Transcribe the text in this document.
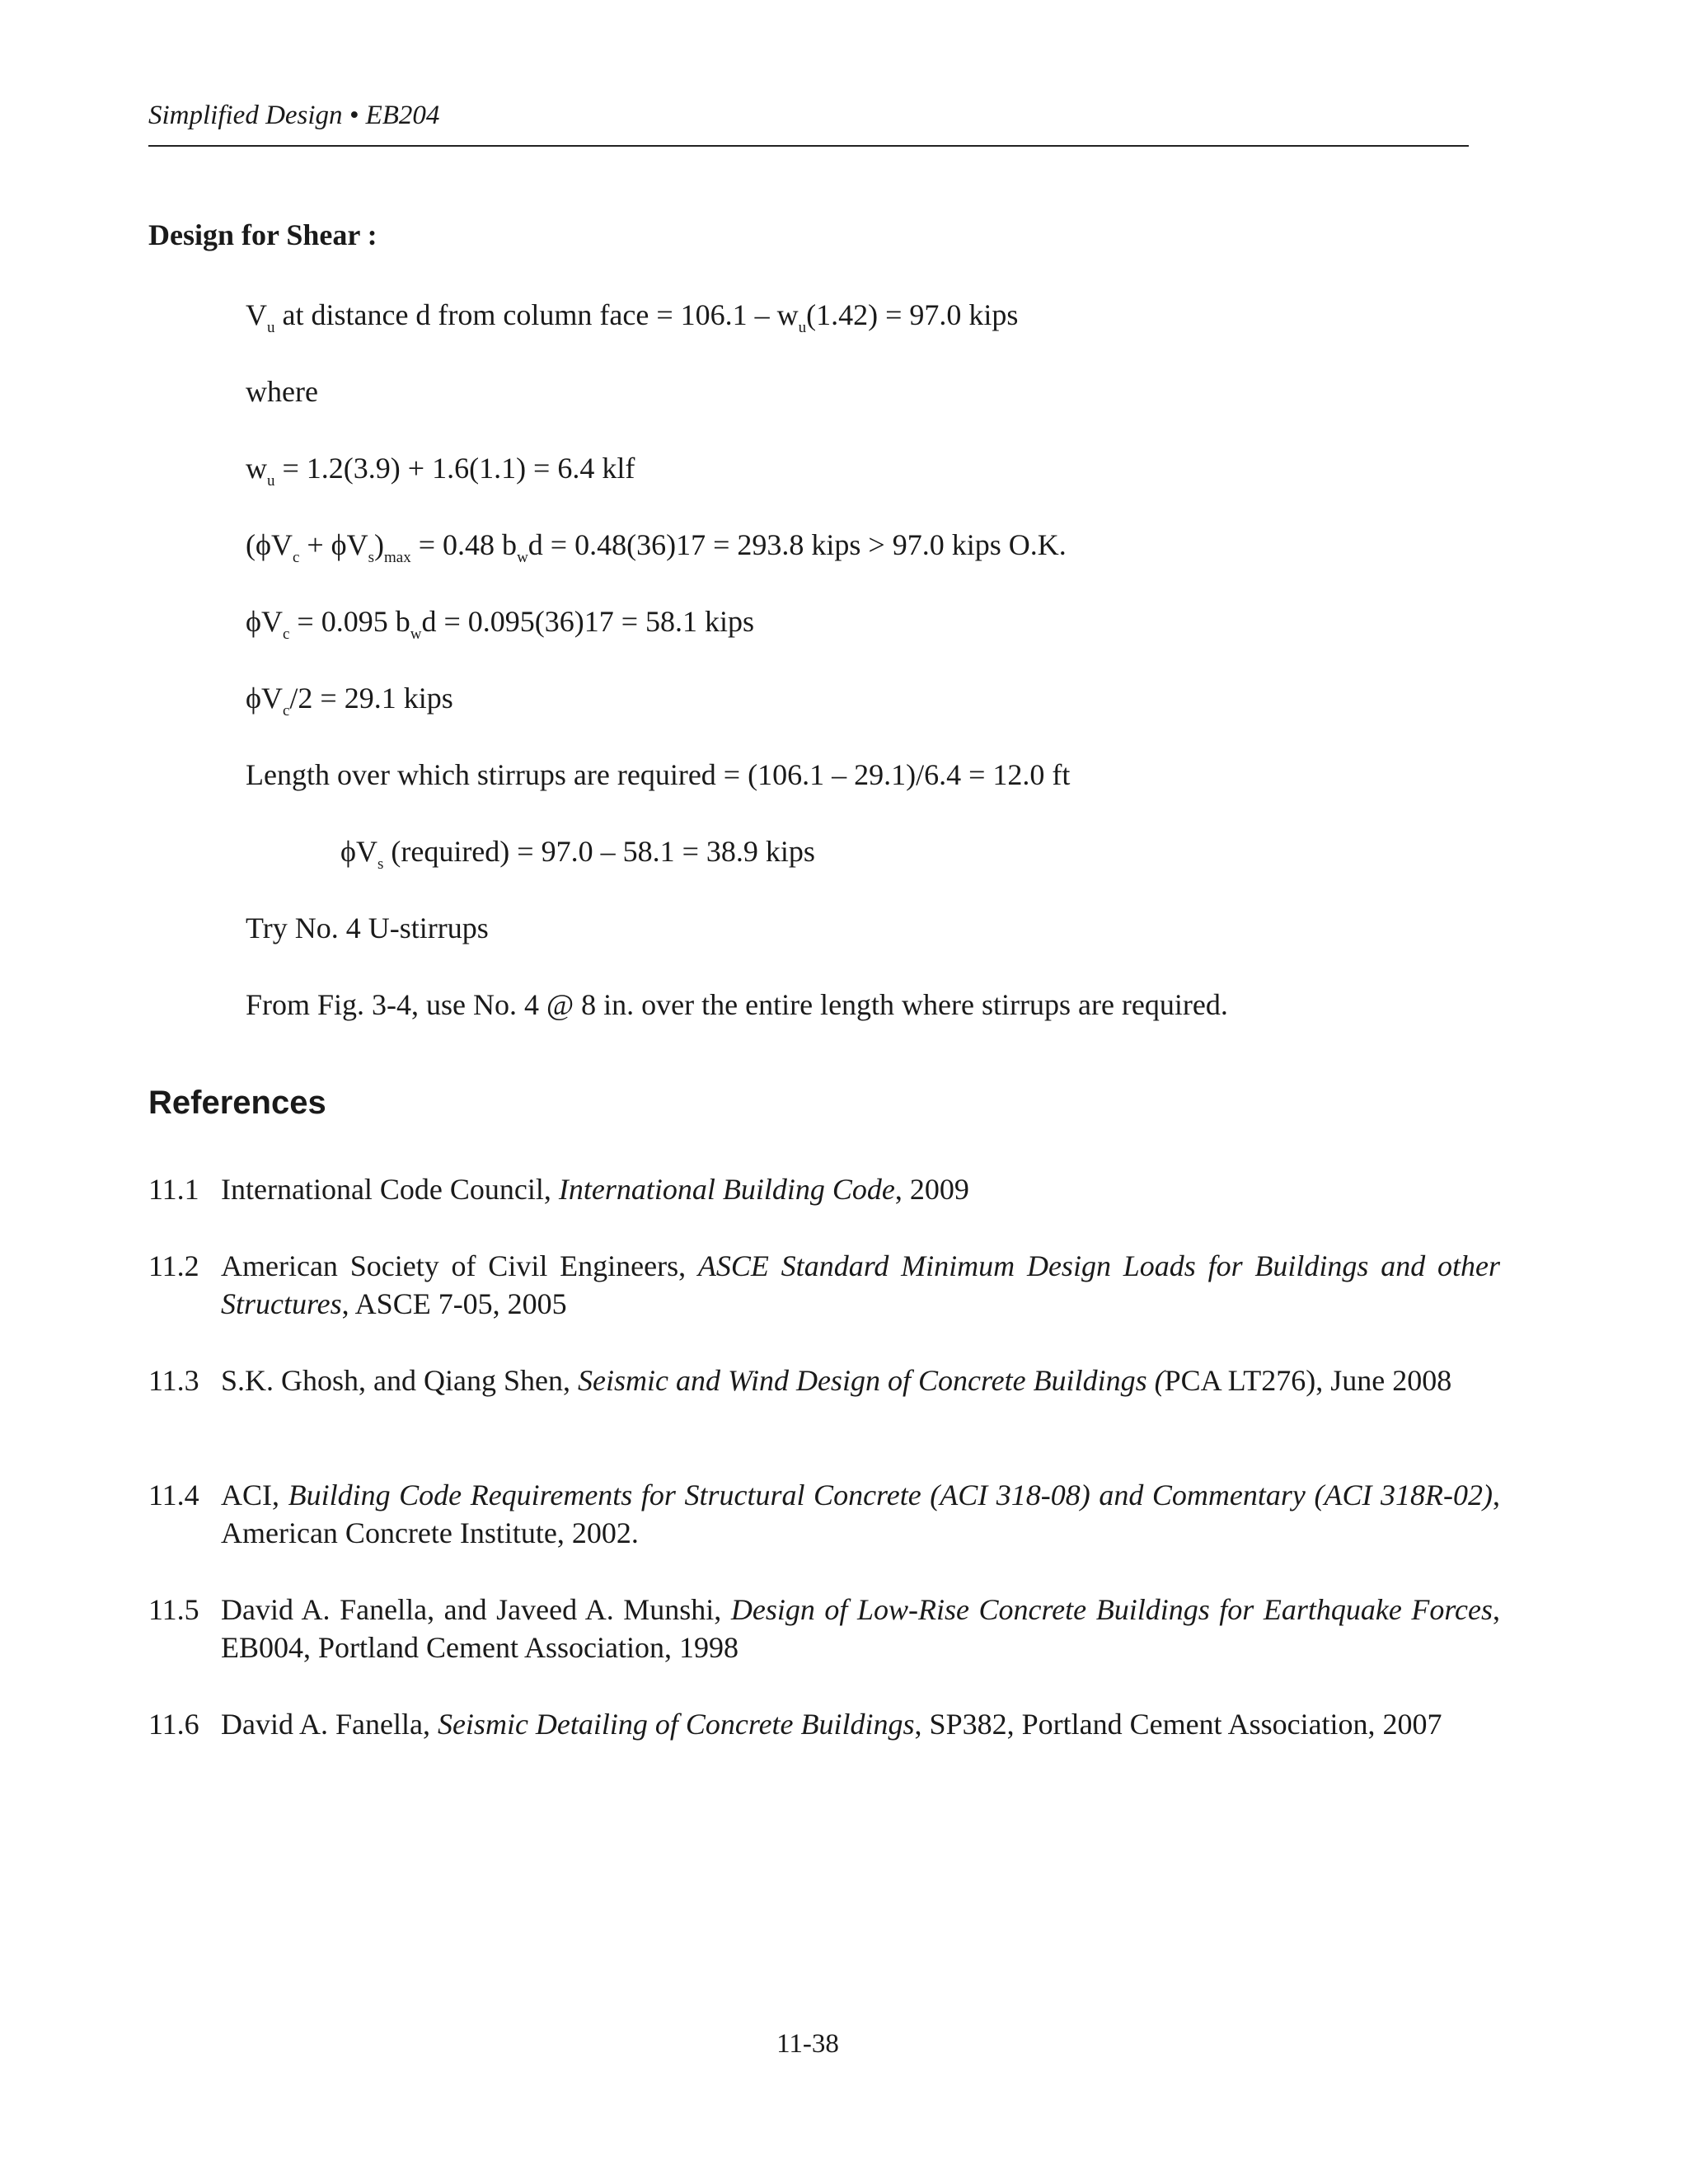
Simplified Design • EB204
Design for Shear :
$V_u$ at distance d from column face = $106.1 - w_u(1.42) = 97.0$ kips
where
$w_u = 1.2(3.9) + 1.6(1.1) = 6.4$ klf
$(\phi V_c + \phi V_s)_{max} = 0.48$ $b_wd = 0.48(36)17 = 293.8$ kips > 97.0 kips O.K.
$\phi V_c = 0.095$ $b_wd = 0.095(36)17 = 58.1$ kips
$\phi V_c/2 = 29.1$ kips
Length over which stirrups are required = (106.1 – 29.1)/6.4 = 12.0 ft
$\phi V_s$ (required) = 97.0 – 58.1 = 38.9 kips
Try No. 4 U-stirrups
From Fig. 3-4, use No. 4 @ 8 in. over the entire length where stirrups are required.
References
11.1 International Code Council, International Building Code, 2009
11.2 American Society of Civil Engineers, ASCE Standard Minimum Design Loads for Buildings and other Structures, ASCE 7-05, 2005
11.3 S.K. Ghosh, and Qiang Shen, Seismic and Wind Design of Concrete Buildings (PCA LT276), June 2008
11.4 ACI, Building Code Requirements for Structural Concrete (ACI 318-08) and Commentary (ACI 318R-02), American Concrete Institute, 2002.
11.5 David A. Fanella, and Javeed A. Munshi, Design of Low-Rise Concrete Buildings for Earthquake Forces, EB004, Portland Cement Association, 1998
11.6 David A. Fanella, Seismic Detailing of Concrete Buildings, SP382, Portland Cement Association, 2007
11-38
